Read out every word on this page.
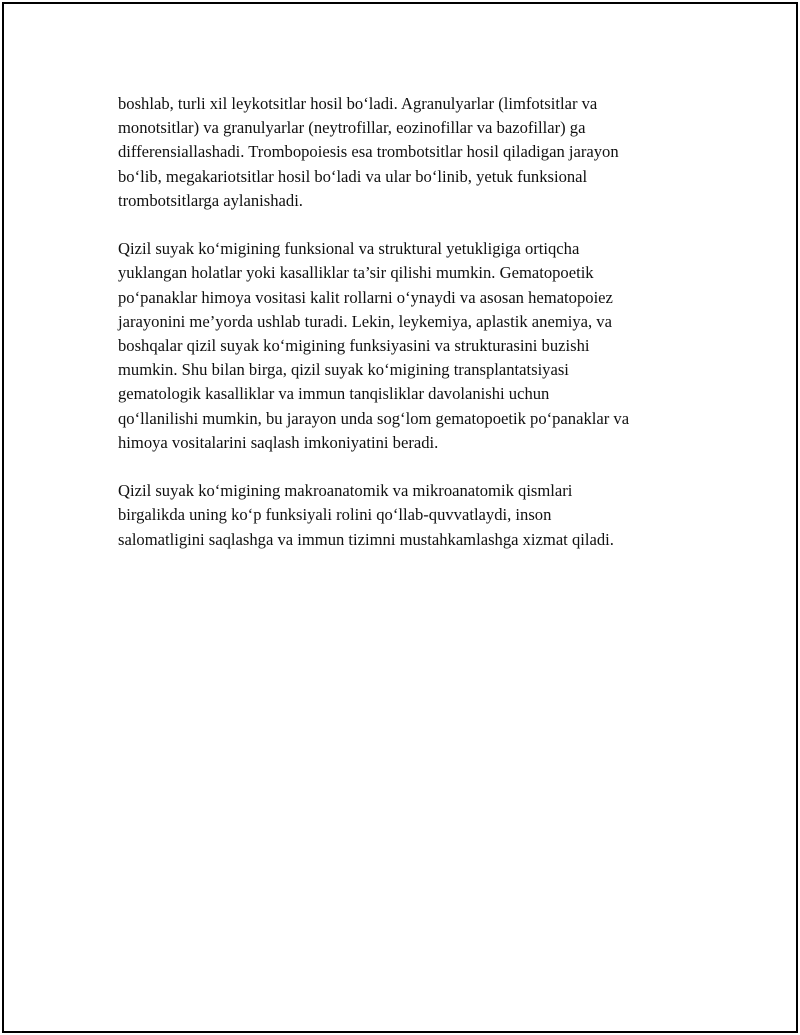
boshlab, turli xil leykotsitlar hosil bo‘ladi. Agranulyarlar (limfotsitlar va
monotsitlar) va granulyarlar (neytrofillar, eozinofillar va bazofillar) ga
differensiallashadi. Trombopoiesis esa trombotsitlar hosil qiladigan jarayon
bo‘lib, megakariotsitlar hosil bo‘ladi va ular bo‘linib, yetuk funksional
trombotsitlarga aylanishadi.

Qizil suyak ko‘migining funksional va struktural yetukligiga ortiqcha
yuklangan holatlar yoki kasalliklar ta’sir qilishi mumkin. Gematopoetik
po‘panaklar himoya vositasi kalit rollarni o‘ynaydi va asosan hematopoiez
jarayonini me’yorda ushlab turadi. Lekin, leykemiya, aplastik anemiya, va
boshqalar qizil suyak ko‘migining funksiyasini va strukturasini buzishi
mumkin. Shu bilan birga, qizil suyak ko‘migining transplantatsiyasi
gematologik kasalliklar va immun tanqisliklar davolanishi uchun
qo‘llanilishi mumkin, bu jarayon unda sog‘lom gematopoetik po‘panaklar va
himoya vositalarini saqlash imkoniyatini beradi.

Qizil suyak ko‘migining makroanatomik va mikroanatomik qismlari
birgalikda uning ko‘p funksiyali rolini qo‘llab-quvvatlaydi, inson
salomatligini saqlashga va immun tizimni mustahkamlashga xizmat qiladi.
